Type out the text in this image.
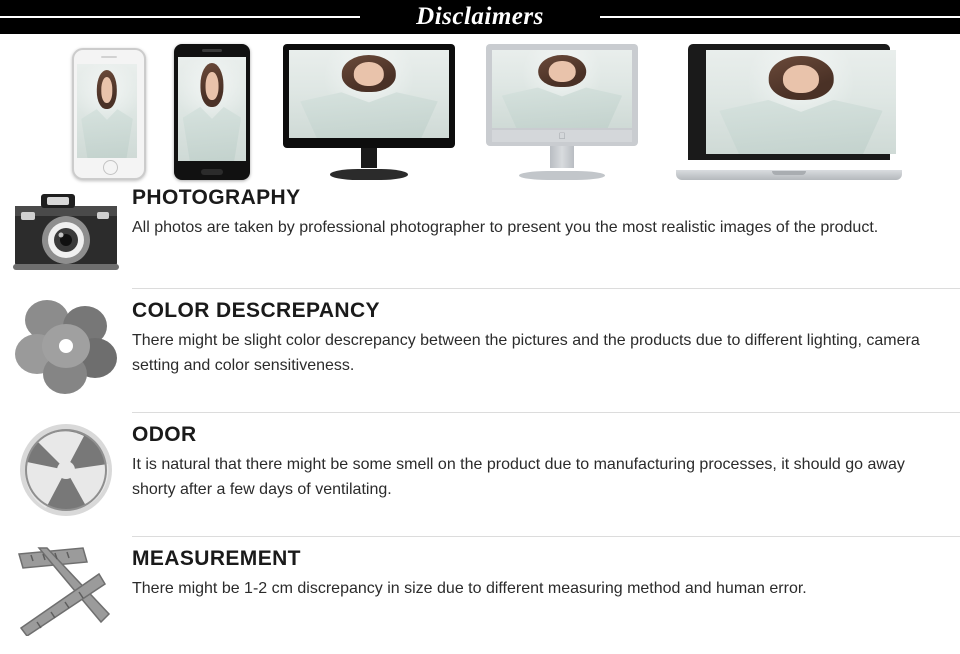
Disclaimers
PHOTOGRAPHY

All photos are taken by professional photographer to present you the most realistic images of the product.

COLOR DESCREPANCY

There might be slight color descrepancy between the pictures and the products due to different lighting, camera setting and color sensitiveness.

ODOR

It is natural that there might be some smell on the product due to manufacturing processes, it should go away shorty after a few days of ventilating.

MEASUREMENT

There might be 1-2 cm discrepancy in size due to different measuring method and human error.
